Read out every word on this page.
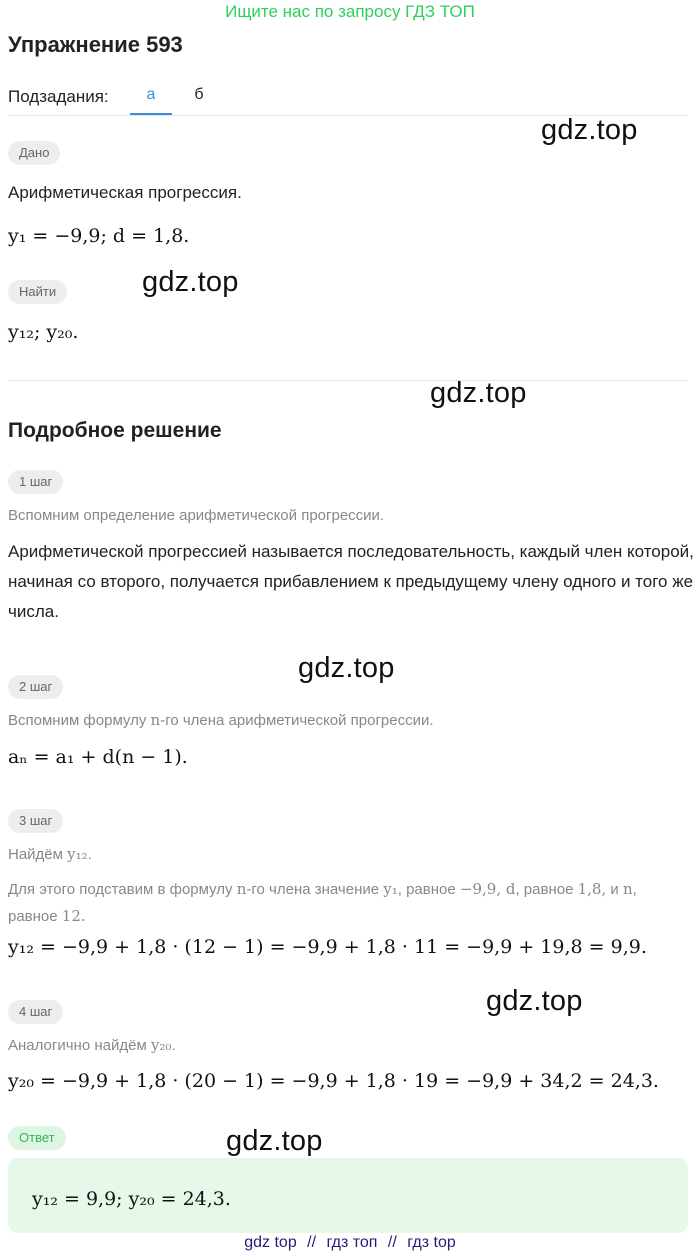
Ищите нас по запросу ГДЗ ТОП
Упражнение 593
Подзадания:	а	б
Дано
gdz.top
Арифметическая прогрессия.
y₁ = −9,9; d = 1,8.
Найти	gdz.top
y₁₂; y₂₀.
gdz.top
Подробное решение
1 шаг
Вспомним определение арифметической прогрессии.
Арифметической прогрессией называется последовательность, каждый член которой, начиная со второго, получается прибавлением к предыдущему члену одного и того же числа.
gdz.top
2 шаг
Вспомним формулу n-го члена арифметической прогрессии.
aₙ = a₁ + d(n − 1).
3 шаг
Найдём y₁₂.
Для этого подставим в формулу n-го члена значение y₁, равное −9,9, d, равное 1,8, и n,
равное 12.
y₁₂ = −9,9 + 1,8 · (12 − 1) = −9,9 + 1,8 · 11 = −9,9 + 19,8 = 9,9.
gdz.top
4 шаг
Аналогично найдём y₂₀.
y₂₀ = −9,9 + 1,8 · (20 − 1) = −9,9 + 1,8 · 19 = −9,9 + 34,2 = 24,3.
Ответ	gdz.top
y₁₂ = 9,9; y₂₀ = 24,3.
gdz top // гдз топ // гдз top
